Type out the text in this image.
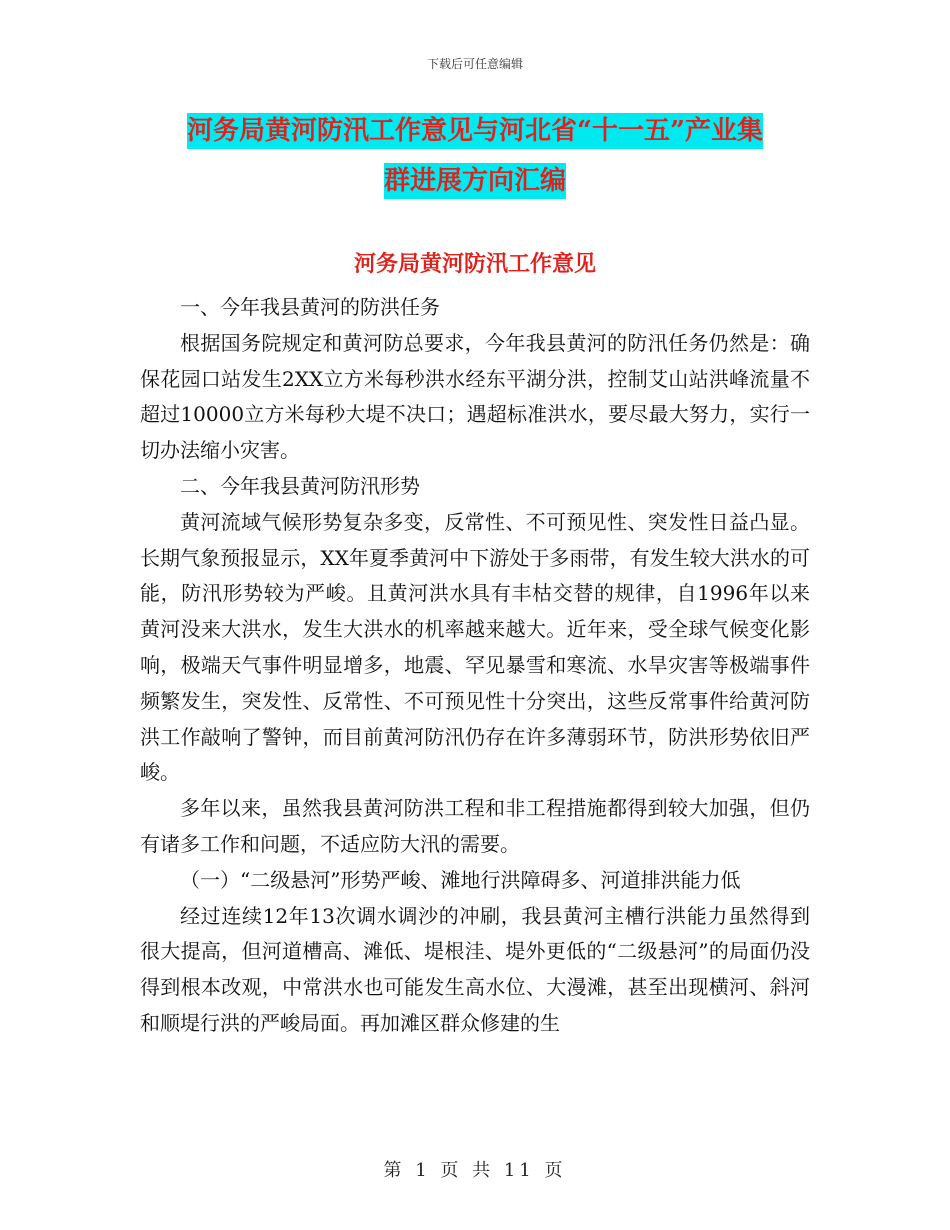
下载后可任意编辑
河务局黄河防汛工作意见与河北省“十一五”产业集
群进展方向汇编
河务局黄河防汛工作意见

一、今年我县黄河的防洪任务

根据国务院规定和黄河防总要求，今年我县黄河的防汛任务仍然是：确保花园口站发生2XX立方米每秒洪水经东平湖分洪，控制艾山站洪峰流量不超过10000立方米每秒大堤不决口；遇超标准洪水，要尽最大努力，实行一切办法缩小灾害。

二、今年我县黄河防汛形势

黄河流域气候形势复杂多变，反常性、不可预见性、突发性日益凸显。长期气象预报显示，XX年夏季黄河中下游处于多雨带，有发生较大洪水的可能，防汛形势较为严峻。且黄河洪水具有丰枯交替的规律，自1996年以来黄河没来大洪水，发生大洪水的机率越来越大。近年来，受全球气候变化影响，极端天气事件明显增多，地震、罕见暴雪和寒流、水旱灾害等极端事件频繁发生，突发性、反常性、不可预见性十分突出，这些反常事件给黄河防洪工作敲响了警钟，而目前黄河防汛仍存在许多薄弱环节，防洪形势依旧严峻。

多年以来，虽然我县黄河防洪工程和非工程措施都得到较大加强，但仍有诸多工作和问题，不适应防大汛的需要。

（一）“二级悬河”形势严峻、滩地行洪障碍多、河道排洪能力低

经过连续12年13次调水调沙的冲刷，我县黄河主槽行洪能力虽然得到很大提高，但河道槽高、滩低、堤根洼、堤外更低的“二级悬河”的局面仍没得到根本改观，中常洪水也可能发生高水位、大漫滩，甚至出现横河、斜河和顺堤行洪的严峻局面。再加滩区群众修建的生

第 1 页 共 11 页
